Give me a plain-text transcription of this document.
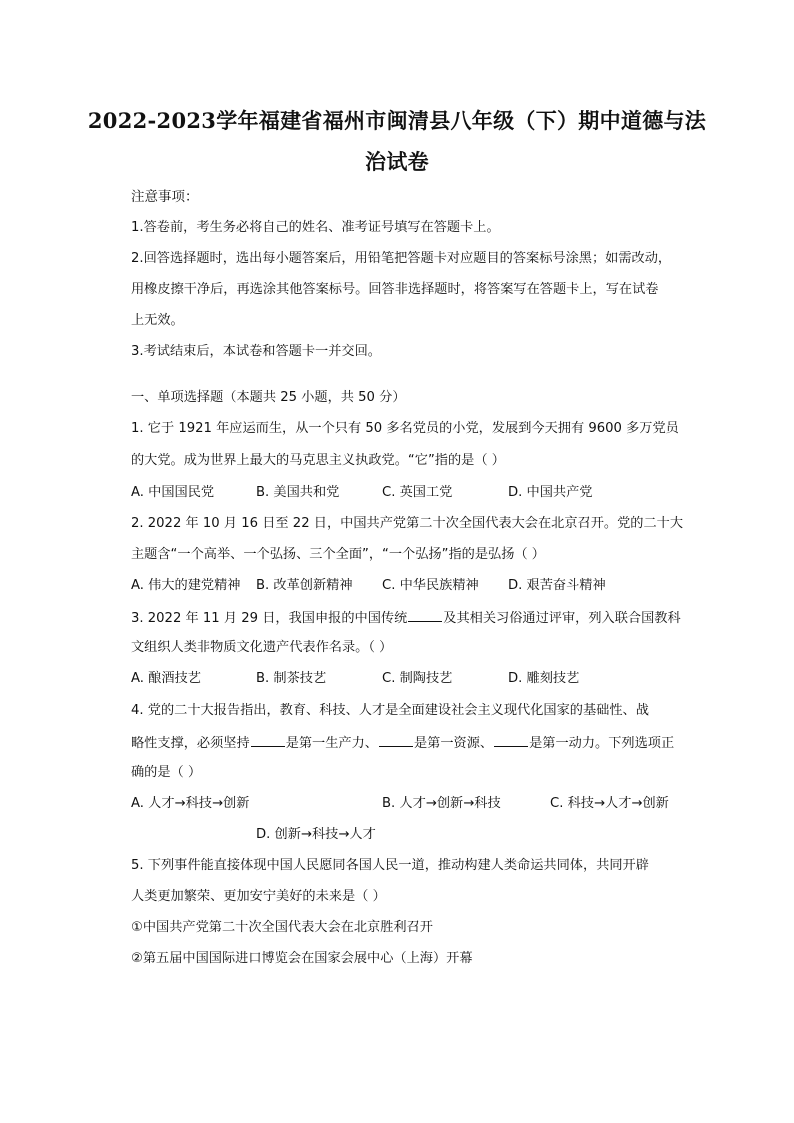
2022-2023学年福建省福州市闽清县八年级（下）期中道德与法
治试卷
注意事项：
1.答卷前，考生务必将自己的姓名、准考证号填写在答题卡上。
2.回答选择题时，选出每小题答案后，用铅笔把答题卡对应题目的答案标号涂黑；如需改动，
用橡皮擦干净后，再选涂其他答案标号。回答非选择题时，将答案写在答题卡上，写在试卷
上无效。
3.考试结束后，本试卷和答题卡一并交回。
一、单项选择题（本题共 25 小题，共 50 分）
1. 它于 1921 年应运而生，从一个只有 50 多名党员的小党，发展到今天拥有 9600 多万党员
的大党。成为世界上最大的马克思主义执政党。“它”指的是（ ）
A. 中国国民党	B. 美国共和党	C. 英国工党	D. 中国共产党
2. 2022 年 10 月 16 日至 22 日，中国共产党第二十次全国代表大会在北京召开。党的二十大
主题含“一个高举、一个弘扬、三个全面”，“一个弘扬”指的是弘扬（ ）
A. 伟大的建党精神 B. 改革创新精神 C. 中华民族精神 D. 艰苦奋斗精神
3. 2022 年 11 月 29 日，我国申报的中国传统	及其相关习俗通过评审，列入联合国教科
文组织人类非物质文化遗产代表作名录。（ ）
A. 酿酒技艺	B. 制茶技艺	C. 制陶技艺	D. 雕刻技艺
4. 党的二十大报告指出，教育、科技、人才是全面建设社会主义现代化国家的基础性、战
略性支撑，必须坚持	是第一生产力、	是第一资源、	是第一动力。下列选项正
确的是（ ）
A. 人才→科技→创新	B. 人才→创新→科技	C. 科技→人才→创新
D. 创新→科技→人才
5. 下列事件能直接体现中国人民愿同各国人民一道，推动构建人类命运共同体，共同开辟
人类更加繁荣、更加安宁美好的未来是（ ）
①中国共产党第二十次全国代表大会在北京胜利召开
②第五届中国国际进口博览会在国家会展中心（上海）开幕
